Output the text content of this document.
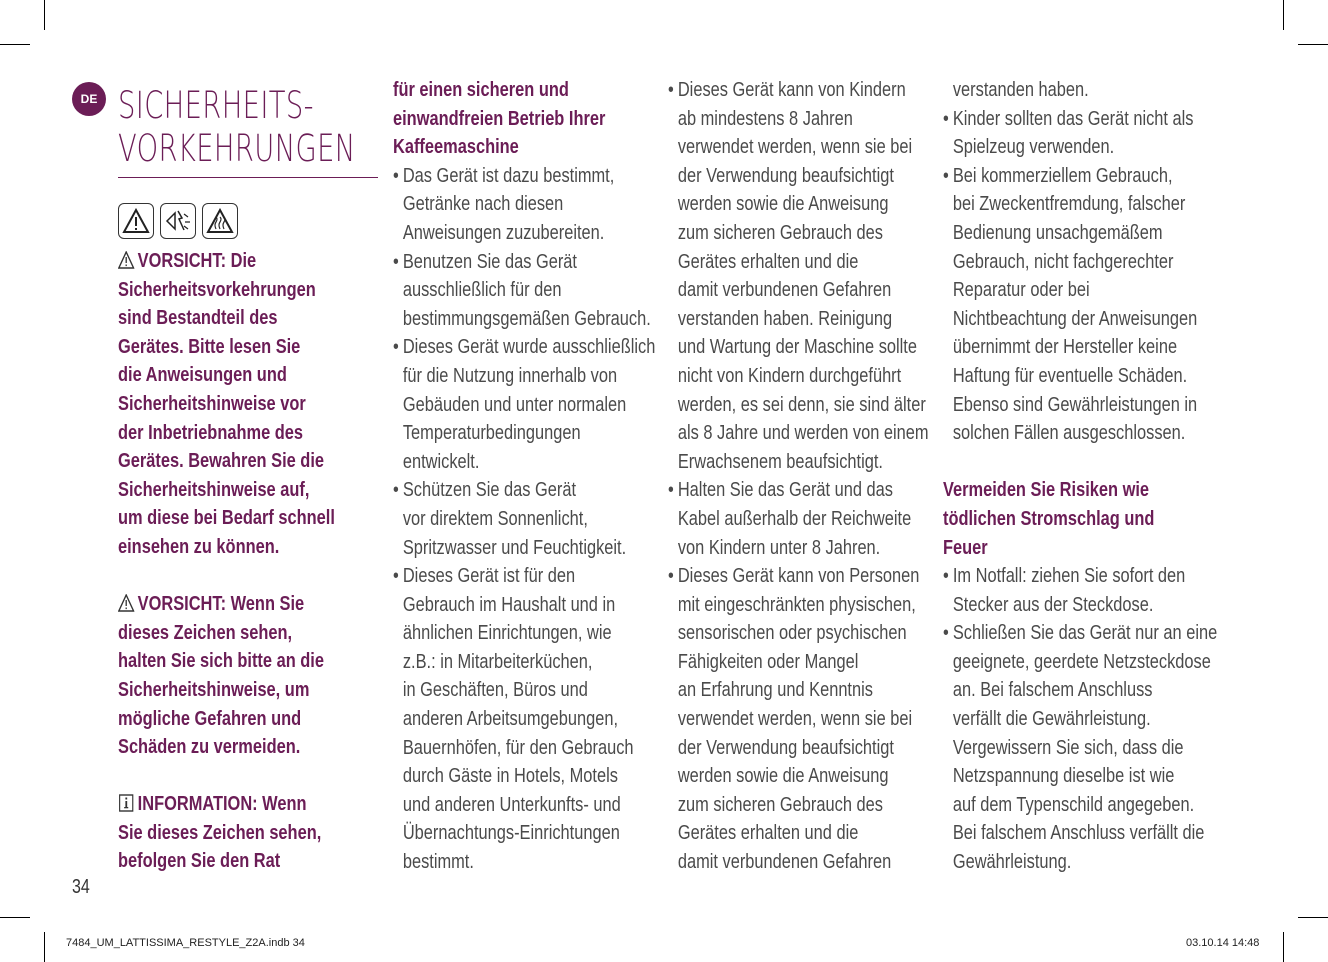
DE SICHERHEITS-
VORKEHRUNGEN
VORSICHT: Die
Sicherheitsvorkehrungen
sind Bestandteil des
Gerätes. Bitte lesen Sie
die Anweisungen und
Sicherheitshinweise vor
der Inbetriebnahme des
Gerätes. Bewahren Sie die
Sicherheitshinweise auf,
um diese bei Bedarf schnell
einsehen zu können.
VORSICHT: Wenn Sie
dieses Zeichen sehen,
halten Sie sich bitte an die
Sicherheitshinweise, um
mögliche Gefahren und
Schäden zu vermeiden.
INFORMATION: Wenn
Sie dieses Zeichen sehen,
befolgen Sie den Rat
für einen sicheren und
einwandfreien Betrieb Ihrer
Kaffeemaschine
• Das Gerät ist dazu bestimmt,
Getränke nach diesen
Anweisungen zuzubereiten.
• Benutzen Sie das Gerät
ausschließlich für den
bestimmungsgemäßen Gebrauch.
• Dieses Gerät wurde ausschließlich
für die Nutzung innerhalb von
Gebäuden und unter normalen
Temperaturbedingungen
entwickelt.
• Schützen Sie das Gerät
vor direktem Sonnenlicht,
Spritzwasser und Feuchtigkeit.
• Dieses Gerät ist für den
Gebrauch im Haushalt und in
ähnlichen Einrichtungen, wie
z.B.: in Mitarbeiterküchen,
in Geschäften, Büros und
anderen Arbeitsumgebungen,
Bauernhöfen, für den Gebrauch
durch Gäste in Hotels, Motels
und anderen Unterkunfts- und
Übernachtungs-Einrichtungen
bestimmt.
• Dieses Gerät kann von Kindern
ab mindestens 8 Jahren
verwendet werden, wenn sie bei
der Verwendung beaufsichtigt
werden sowie die Anweisung
zum sicheren Gebrauch des
Gerätes erhalten und die
damit verbundenen Gefahren
verstanden haben. Reinigung
und Wartung der Maschine sollte
nicht von Kindern durchgeführt
werden, es sei denn, sie sind älter
als 8 Jahre und werden von einem
Erwachsenem beaufsichtigt.
• Halten Sie das Gerät und das
Kabel außerhalb der Reichweite
von Kindern unter 8 Jahren.
• Dieses Gerät kann von Personen
mit eingeschränkten physischen,
sensorischen oder psychischen
Fähigkeiten oder Mangel
an Erfahrung und Kenntnis
verwendet werden, wenn sie bei
der Verwendung beaufsichtigt
werden sowie die Anweisung
zum sicheren Gebrauch des
Gerätes erhalten und die
damit verbundenen Gefahren
verstanden haben.
• Kinder sollten das Gerät nicht als
Spielzeug verwenden.
• Bei kommerziellem Gebrauch,
bei Zweckentfremdung, falscher
Bedienung unsachgemäßem
Gebrauch, nicht fachgerechter
Reparatur oder bei
Nichtbeachtung der Anweisungen
übernimmt der Hersteller keine
Haftung für eventuelle Schäden.
Ebenso sind Gewährleistungen in
solchen Fällen ausgeschlossen.
Vermeiden Sie Risiken wie
tödlichen Stromschlag und
Feuer
• Im Notfall: ziehen Sie sofort den
Stecker aus der Steckdose.
• Schließen Sie das Gerät nur an eine
geeignete, geerdete Netzsteckdose
an. Bei falschem Anschluss
verfällt die Gewährleistung.
Vergewissern Sie sich, dass die
Netzspannung dieselbe ist wie
auf dem Typenschild angegeben.
Bei falschem Anschluss verfällt die
Gewährleistung.
34
7484_UM_LATTISSIMA_RESTYLE_Z2A.indb 34	03.10.14 14:48
